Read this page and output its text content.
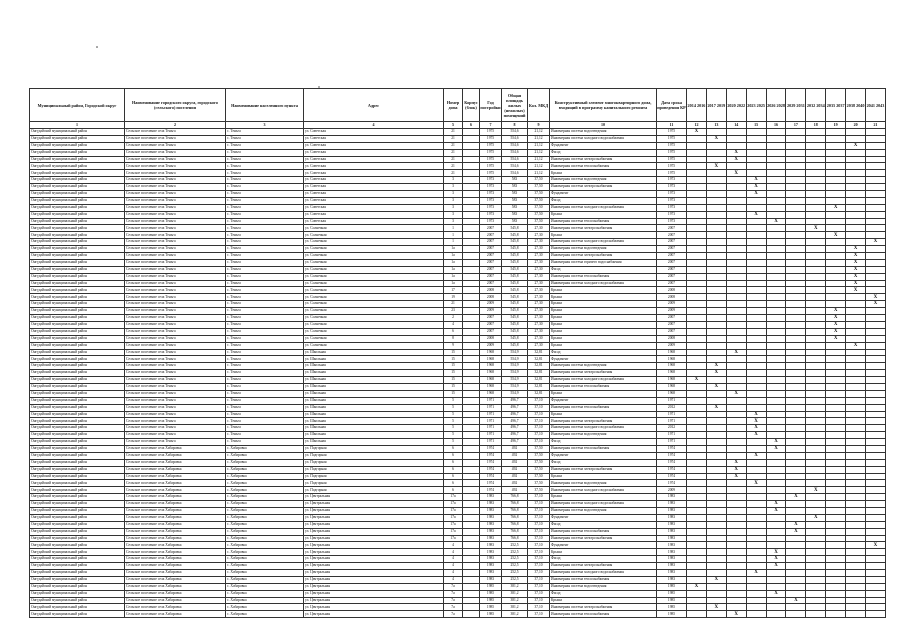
Муниципальный район, Городской округ	Наименование городского округа, городского (сельского) поселения	Наименование населенного пункта	Адрес	Номер дома	Корпус (блок)	Год постройки	Общая площадь жилых (нежилых) помещений	Кол. МКД	Конструктивный элемент многоквартирного дома, входящий в программу капитального ремонта	Дата срока проведения КР	2014 2016	2017 2019	2020 2022	2023 2025	2026 2028	2029 2031	2032 2034	2035 2037	2038 2040	2041 2043
1	2	3	4	5	6	7	8	9	10	11	12	13	14	15	16	17	18	19	20	21
Онгудайский муниципальный район	Сельское поселение села Теньга	с. Теньга	ул. Советская	21		1975	554,6	21,12	Инженерная система водоотведения	1975	X									
Онгудайский муниципальный район	Сельское поселение села Теньга	с. Теньга	ул. Советская	21		1975	554,6	21,12	Инженерная система холодного водоснабжения	1975		X								
Онгудайский муниципальный район	Сельское поселение села Теньга	с. Теньга	ул. Советская	21		1975	554,6	21,12	Фундамент	1975									X	
Онгудайский муниципальный район	Сельское поселение села Теньга	с. Теньга	ул. Советская	21		1975	554,6	21,12	Фасад	1975			X							
Онгудайский муниципальный район	Сельское поселение села Теньга	с. Теньга	ул. Советская	21		1975	554,6	21,12	Инженерная система электроснабжения	1975			X							
Онгудайский муниципальный район	Сельское поселение села Теньга	с. Теньга	ул. Советская	21		1975	554,6	21,12	Инженерная система теплоснабжения	1975		X								
Онгудайский муниципальный район	Сельское поселение села Теньга	с. Теньга	ул. Советская	21		1975	554,6	21,12	Крыша	1975			X							
Онгудайский муниципальный район	Сельское поселение села Теньга	с. Теньга	ул. Советская	3		1973	583	37,50	Инженерная система водоотведения	1973				X						
Онгудайский муниципальный район	Сельское поселение села Теньга	с. Теньга	ул. Советская	3		1973	583	37,50	Инженерная система электроснабжения	1973				X						
Онгудайский муниципальный район	Сельское поселение села Теньга	с. Теньга	ул. Советская	3		1973	583	37,50	Фундамент	1973				X						
Онгудайский муниципальный район	Сельское поселение села Теньга	с. Теньга	ул. Советская	3		1973	583	37,50	Фасад	1973										
Онгудайский муниципальный район	Сельское поселение села Теньга	с. Теньга	ул. Советская	3		1973	583	37,50	Инженерная система холодного водоснабжения	1973								X		
Онгудайский муниципальный район	Сельское поселение села Теньга	с. Теньга	ул. Советская	3		1973	583	37,50	Крыша	1973				X						
Онгудайский муниципальный район	Сельское поселение села Теньга	с. Теньга	ул. Советская	3		1973	583	37,50	Инженерная система теплоснабжения	1973					X					
Онгудайский муниципальный район	Сельское поселение села Теньга	с. Теньга	ул. Солнечная	1		2007	545,8	27,30	Инженерная система электроснабжения	2007							X			
Онгудайский муниципальный район	Сельское поселение села Теньга	с. Теньга	ул. Солнечная	1		2007	545,8	27,30	Крыша	2007								X		
Онгудайский муниципальный район	Сельское поселение села Теньга	с. Теньга	ул. Солнечная	1		2007	545,8	27,30	Инженерная система холодного водоснабжения	2007										X
Онгудайский муниципальный район	Сельское поселение села Теньга	с. Теньга	ул. Солнечная	1а		2007	545,8	27,30	Инженерная система водоотведения	2007									X	
Онгудайский муниципальный район	Сельское поселение села Теньга	с. Теньга	ул. Солнечная	1а		2007	545,8	27,30	Инженерная система электроснабжения	2007									X	
Онгудайский муниципальный район	Сельское поселение села Теньга	с. Теньга	ул. Солнечная	1а		2007	545,8	27,30	Инженерная система горячего водоснабжения	2007									X	
Онгудайский муниципальный район	Сельское поселение села Теньга	с. Теньга	ул. Солнечная	1а		2007	545,8	27,30	Фасад	2007									X	
Онгудайский муниципальный район	Сельское поселение села Теньга	с. Теньга	ул. Солнечная	1а		2007	545,8	27,30	Инженерная система теплоснабжения	2007									X	
Онгудайский муниципальный район	Сельское поселение села Теньга	с. Теньга	ул. Солнечная	1а		2007	545,8	27,30	Инженерная система холодного водоснабжения	2007									X	
Онгудайский муниципальный район	Сельское поселение села Теньга	с. Теньга	ул. Солнечная	17		2008	545,8	27,30	Крыша	2008									X	
Онгудайский муниципальный район	Сельское поселение села Теньга	с. Теньга	ул. Солнечная	19		2008	545,8	27,30	Крыша	2008										X
Онгудайский муниципальный район	Сельское поселение села Теньга	с. Теньга	ул. Солнечная	21		2009	545,8	27,30	Крыша	2009										X
Онгудайский муниципальный район	Сельское поселение села Теньга	с. Теньга	ул. Солнечная	23		2009	545,8	27,30	Крыша	2009								X		
Онгудайский муниципальный район	Сельское поселение села Теньга	с. Теньга	ул. Солнечная	2		2007	545,8	27,30	Крыша	2007								X		
Онгудайский муниципальный район	Сельское поселение села Теньга	с. Теньга	ул. Солнечная	4		2007	545,8	27,30	Крыша	2007								X		
Онгудайский муниципальный район	Сельское поселение села Теньга	с. Теньга	ул. Солнечная	6		2007	545,8	27,30	Крыша	2007								X		
Онгудайский муниципальный район	Сельское поселение села Теньга	с. Теньга	ул. Солнечная	8		2008	545,8	27,30	Крыша	2008								X		
Онгудайский муниципальный район	Сельское поселение села Теньга	с. Теньга	ул. Солнечная	9		2009	545,8	27,30	Крыша	2009									X	
Онгудайский муниципальный район	Сельское поселение села Теньга	с. Теньга	ул. Школьная	15		1968	554,9	32,81	Фасад	1968			X							
Онгудайский муниципальный район	Сельское поселение села Теньга	с. Теньга	ул. Школьная	15		1968	554,9	32,81	Фундамент	1968										
Онгудайский муниципальный район	Сельское поселение села Теньга	с. Теньга	ул. Школьная	15		1968	554,9	32,81	Инженерная система водоотведения	1968		X								
Онгудайский муниципальный район	Сельское поселение села Теньга	с. Теньга	ул. Школьная	15		1968	554,9	32,81	Инженерная система электроснабжения	1968		X								
Онгудайский муниципальный район	Сельское поселение села Теньга	с. Теньга	ул. Школьная	15		1968	554,9	32,81	Инженерная система холодного водоснабжения	1968	X									
Онгудайский муниципальный район	Сельское поселение села Теньга	с. Теньга	ул. Школьная	15		1968	554,9	32,81	Инженерная система теплоснабжения	1968		X								
Онгудайский муниципальный район	Сельское поселение села Теньга	с. Теньга	ул. Школьная	15		1968	554,9	32,81	Крыша	1968			X							
Онгудайский муниципальный район	Сельское поселение села Теньга	с. Теньга	ул. Школьная	5		1971	496,7	37,10	Фундамент	1971										
Онгудайский муниципальный район	Сельское поселение села Теньга	с. Теньга	ул. Школьная	5		1971	496,7	37,10	Инженерная система теплоснабжения	2012		X								
Онгудайский муниципальный район	Сельское поселение села Теньга	с. Теньга	ул. Школьная	5		1971	496,7	37,10	Крыша	1971				X						
Онгудайский муниципальный район	Сельское поселение села Теньга	с. Теньга	ул. Школьная	5		1971	496,7	37,10	Инженерная система электроснабжения	1971				X						
Онгудайский муниципальный район	Сельское поселение села Теньга	с. Теньга	ул. Школьная	5		1971	496,7	37,10	Инженерная система холодного водоснабжения	2012				X						
Онгудайский муниципальный район	Сельское поселение села Теньга	с. Теньга	ул. Школьная	5		1971	496,7	37,10	Инженерная система водоотведения	1971				X						
Онгудайский муниципальный район	Сельское поселение села Теньга	с. Теньга	ул. Школьная	5		1971	496,7	37,10	Фасад	1971					X					
Онгудайский муниципальный район	Сельское поселение села Хабаровка	с. Хабаровка	ул. Подгорная	6		1974	492	37,50	Инженерная система теплоснабжения	1974					X					
Онгудайский муниципальный район	Сельское поселение села Хабаровка	с. Хабаровка	ул. Подгорная	6		1974	492	37,50	Фундамент	1974				X						
Онгудайский муниципальный район	Сельское поселение села Хабаровка	с. Хабаровка	ул. Подгорная	6		1974	492	37,50	Фасад	1974			X							
Онгудайский муниципальный район	Сельское поселение села Хабаровка	с. Хабаровка	ул. Подгорная	6		1974	492	37,50	Инженерная система электроснабжения	1974			X							
Онгудайский муниципальный район	Сельское поселение села Хабаровка	с. Хабаровка	ул. Подгорная	6		1974	492	37,50	Крыша	1974			X							
Онгудайский муниципальный район	Сельское поселение села Хабаровка	с. Хабаровка	ул. Подгорная	6		1974	492	37,50	Инженерная система водоотведения	1974				X						
Онгудайский муниципальный район	Сельское поселение села Хабаровка	с. Хабаровка	ул. Подгорная	6		1974	492	37,50	Инженерная система холодного водоснабжения	2009							X			
Онгудайский муниципальный район	Сельское поселение села Хабаровка	с. Хабаровка	ул. Центральная	17а		1983	766,8	37,10	Крыша	1983						X				
Онгудайский муниципальный район	Сельское поселение села Хабаровка	с. Хабаровка	ул. Центральная	17а		1983	766,8	37,10	Инженерная система холодного водоснабжения	1983					X					
Онгудайский муниципальный район	Сельское поселение села Хабаровка	с. Хабаровка	ул. Центральная	17а		1983	766,8	37,10	Инженерная система водоотведения	1983					X					
Онгудайский муниципальный район	Сельское поселение села Хабаровка	с. Хабаровка	ул. Центральная	17а		1983	766,8	37,10	Фундамент	1983							X			
Онгудайский муниципальный район	Сельское поселение села Хабаровка	с. Хабаровка	ул. Центральная	17а		1983	766,8	37,10	Фасад	1983						X				
Онгудайский муниципальный район	Сельское поселение села Хабаровка	с. Хабаровка	ул. Центральная	17а		1983	766,8	37,10	Инженерная система теплоснабжения	1983						X				
Онгудайский муниципальный район	Сельское поселение села Хабаровка	с. Хабаровка	ул. Центральная	17а		1983	766,8	37,10	Инженерная система электроснабжения	1983										
Онгудайский муниципальный район	Сельское поселение села Хабаровка	с. Хабаровка	ул. Центральная	4		1983	252,5	37,10	Фундамент	1983										X
Онгудайский муниципальный район	Сельское поселение села Хабаровка	с. Хабаровка	ул. Центральная	4		1983	252,5	37,10	Крыша	1983					X					
Онгудайский муниципальный район	Сельское поселение села Хабаровка	с. Хабаровка	ул. Центральная	4		1983	252,5	37,10	Фасад	1983					X					
Онгудайский муниципальный район	Сельское поселение села Хабаровка	с. Хабаровка	ул. Центральная	4		1983	252,5	37,10	Инженерная система электроснабжения	1983					X					
Онгудайский муниципальный район	Сельское поселение села Хабаровка	с. Хабаровка	ул. Центральная	4		1983	252,5	37,10	Инженерная система холодного водоснабжения	1983				X						
Онгудайский муниципальный район	Сельское поселение села Хабаровка	с. Хабаровка	ул. Центральная	4		1983	252,5	37,10	Инженерная система теплоснабжения	1983		X								
Онгудайский муниципальный район	Сельское поселение села Хабаровка	с. Хабаровка	ул. Центральная	7а		1985	381,2	37,10	Инженерная система водоотведения	1985	X									
Онгудайский муниципальный район	Сельское поселение села Хабаровка	с. Хабаровка	ул. Центральная	7а		1985	381,2	37,10	Фасад	1985					X					
Онгудайский муниципальный район	Сельское поселение села Хабаровка	с. Хабаровка	ул. Центральная	7а		1985	381,2	37,10	Крыша	1985						X				
Онгудайский муниципальный район	Сельское поселение села Хабаровка	с. Хабаровка	ул. Центральная	7а		1985	381,2	37,10	Инженерная система электроснабжения	1985		X								
Онгудайский муниципальный район	Сельское поселение села Хабаровка	с. Хабаровка	ул. Центральная	7а		1985	381,2	37,10	Инженерная система теплоснабжения	1985			X							
